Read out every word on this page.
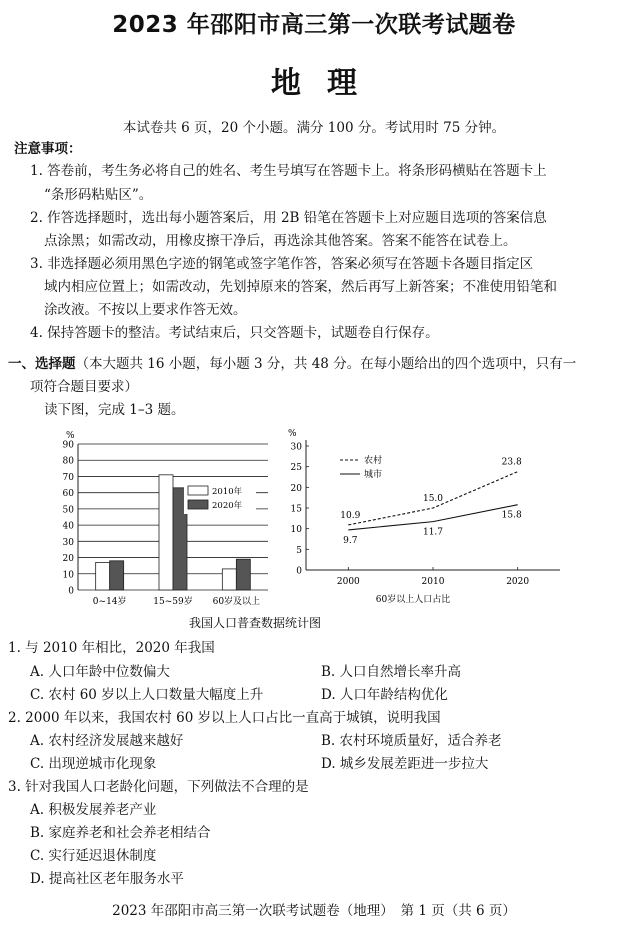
2023 年邵阳市高三第一次联考试题卷
地理
本试卷共 6 页，20 个小题。满分 100 分。考试用时 75 分钟。
注意事项：
1. 答卷前，考生务必将自己的姓名、考生号填写在答题卡上。将条形码横贴在答题卡上
“条形码粘贴区”。
2. 作答选择题时，选出每小题答案后，用 2B 铅笔在答题卡上对应题目选项的答案信息
点涂黑；如需改动，用橡皮擦干净后，再选涂其他答案。答案不能答在试卷上。
3. 非选择题必须用黑色字迹的钢笔或签字笔作答，答案必须写在答题卡各题目指定区
域内相应位置上；如需改动，先划掉原来的答案，然后再写上新答案；不准使用铅笔和
涂改液。不按以上要求作答无效。
4. 保持答题卡的整洁。考试结束后，只交答题卡，试题卷自行保存。
一、选择题（本大题共 16 小题，每小题 3 分，共 48 分。在每小题给出的四个选项中，只有一
项符合题目要求）
读下图，完成 1–3 题。
0
10
20
30
40
50
60
70
80
90
%
0~14岁	15~59岁 60岁及以上
2010年
2020年
%
0
5
10
15
20
25
30
2000	2010	2020
60岁以上人口占比
10.9
15.0
23.8
农村
9.7
11.7
15.8
城市
我国人口普查数据统计图
1. 与 2010 年相比，2020 年我国
A. 人口年龄中位数偏大	B. 人口自然增长率升高
C. 农村 60 岁以上人口数量大幅度上升	D. 人口年龄结构优化
2. 2000 年以来，我国农村 60 岁以上人口占比一直高于城镇，说明我国
A. 农村经济发展越来越好	B. 农村环境质量好，适合养老
C. 出现逆城市化现象	D. 城乡发展差距进一步拉大
3. 针对我国人口老龄化问题，下列做法不合理的是
A. 积极发展养老产业
B. 家庭养老和社会养老相结合
C. 实行延迟退休制度
D. 提高社区老年服务水平
2023 年邵阳市高三第一次联考试题卷（地理）　第 1 页（共 6 页）
